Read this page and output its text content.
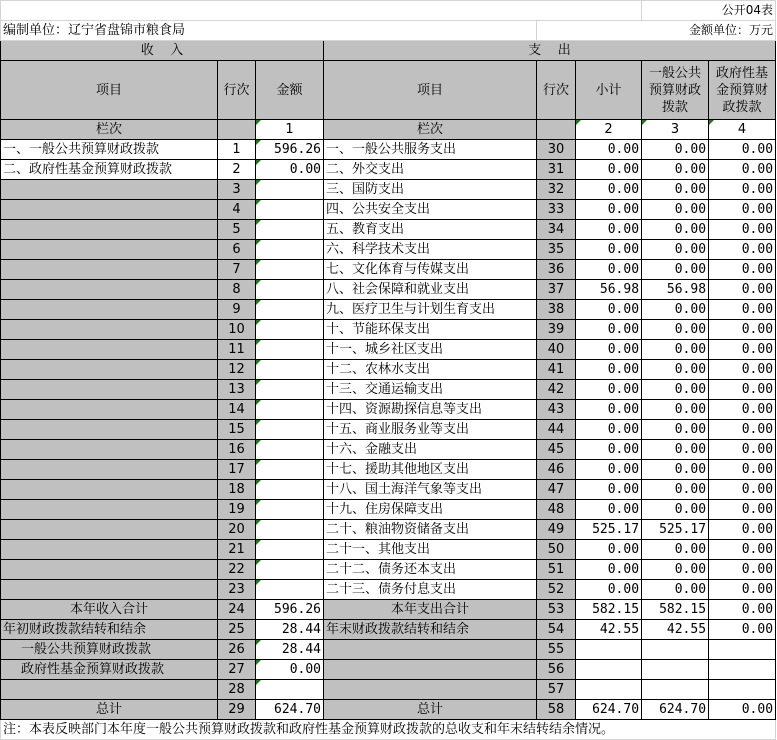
						公开04表	
编制单位：辽宁省盘锦市粮食局				金额单位：万元			
收    入			支    出				
项目	行次	金额	项目	行次	小计	一般公共预算财政拨款	政府性基金预算财政拨款
栏次		1	栏次		2	3	4
一、一般公共预算财政拨款	1	596.26	一、一般公共服务支出	30	0.00	0.00	0.00
二、政府性基金预算财政拨款	2	0.00	二、外交支出	31	0.00	0.00	0.00
	3		三、国防支出	32	0.00	0.00	0.00
	4		四、公共安全支出	33	0.00	0.00	0.00
	5		五、教育支出	34	0.00	0.00	0.00
	6		六、科学技术支出	35	0.00	0.00	0.00
	7		七、文化体育与传媒支出	36	0.00	0.00	0.00
	8		八、社会保障和就业支出	37	56.98	56.98	0.00
	9		九、医疗卫生与计划生育支出	38	0.00	0.00	0.00
	10		十、节能环保支出	39	0.00	0.00	0.00
	11		十一、城乡社区支出	40	0.00	0.00	0.00
	12		十二、农林水支出	41	0.00	0.00	0.00
	13		十三、交通运输支出	42	0.00	0.00	0.00
	14		十四、资源勘探信息等支出	43	0.00	0.00	0.00
	15		十五、商业服务业等支出	44	0.00	0.00	0.00
	16		十六、金融支出	45	0.00	0.00	0.00
	17		十七、援助其他地区支出	46	0.00	0.00	0.00
	18		十八、国土海洋气象等支出	47	0.00	0.00	0.00
	19		十九、住房保障支出	48	0.00	0.00	0.00
	20		二十、粮油物资储备支出	49	525.17	525.17	0.00
	21		二十一、其他支出	50	0.00	0.00	0.00
	22		二十二、债务还本支出	51	0.00	0.00	0.00
	23		二十三、债务付息支出	52	0.00	0.00	0.00
本年收入合计	24	596.26	本年支出合计	53	582.15	582.15	0.00
年初财政拨款结转和结余	25	28.44	年末财政拨款结转和结余	54	42.55	42.55	0.00
一般公共预算财政拨款	26	28.44		55			
政府性基金预算财政拨款	27	0.00		56			
	28			57			
总计	29	624.70	总计	58	624.70	624.70	0.00
注：本表反映部门本年度一般公共预算财政拨款和政府性基金预算财政拨款的总收支和年末结转结余情况。							
